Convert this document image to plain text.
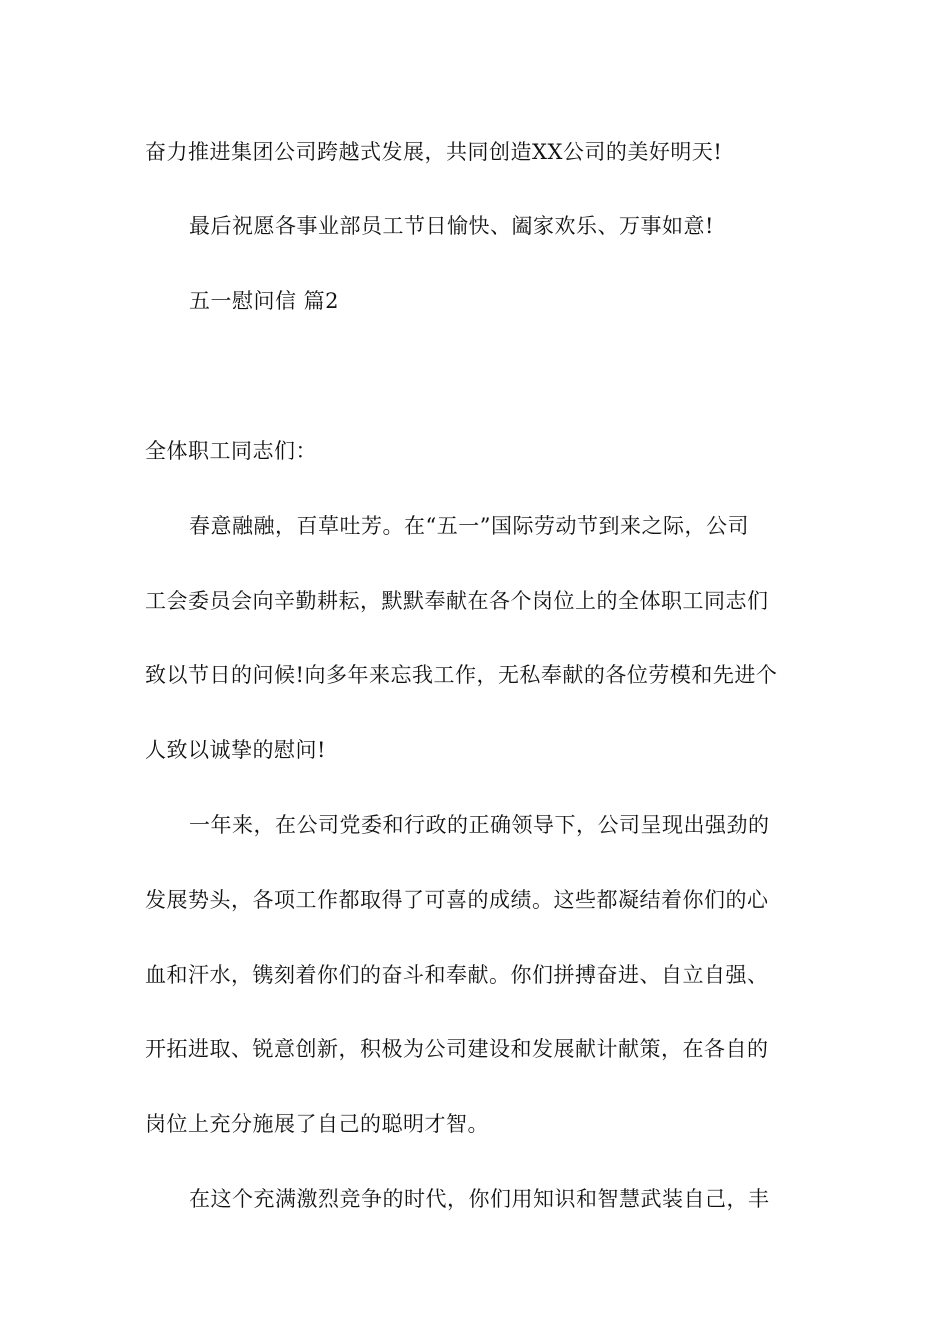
奋力推进集团公司跨越式发展，共同创造XX公司的美好明天!
最后祝愿各事业部员工节日愉快、阖家欢乐、万事如意!
五一慰问信 篇2
全体职工同志们：
春意融融，百草吐芳。在“五一”国际劳动节到来之际，公司
工会委员会向辛勤耕耘，默默奉献在各个岗位上的全体职工同志们
致以节日的问候!向多年来忘我工作，无私奉献的各位劳模和先进个
人致以诚挚的慰问!
一年来，在公司党委和行政的正确领导下，公司呈现出强劲的
发展势头，各项工作都取得了可喜的成绩。这些都凝结着你们的心
血和汗水，镌刻着你们的奋斗和奉献。你们拼搏奋进、自立自强、
开拓进取、锐意创新，积极为公司建设和发展献计献策，在各自的
岗位上充分施展了自己的聪明才智。
在这个充满激烈竞争的时代，你们用知识和智慧武装自己，丰
